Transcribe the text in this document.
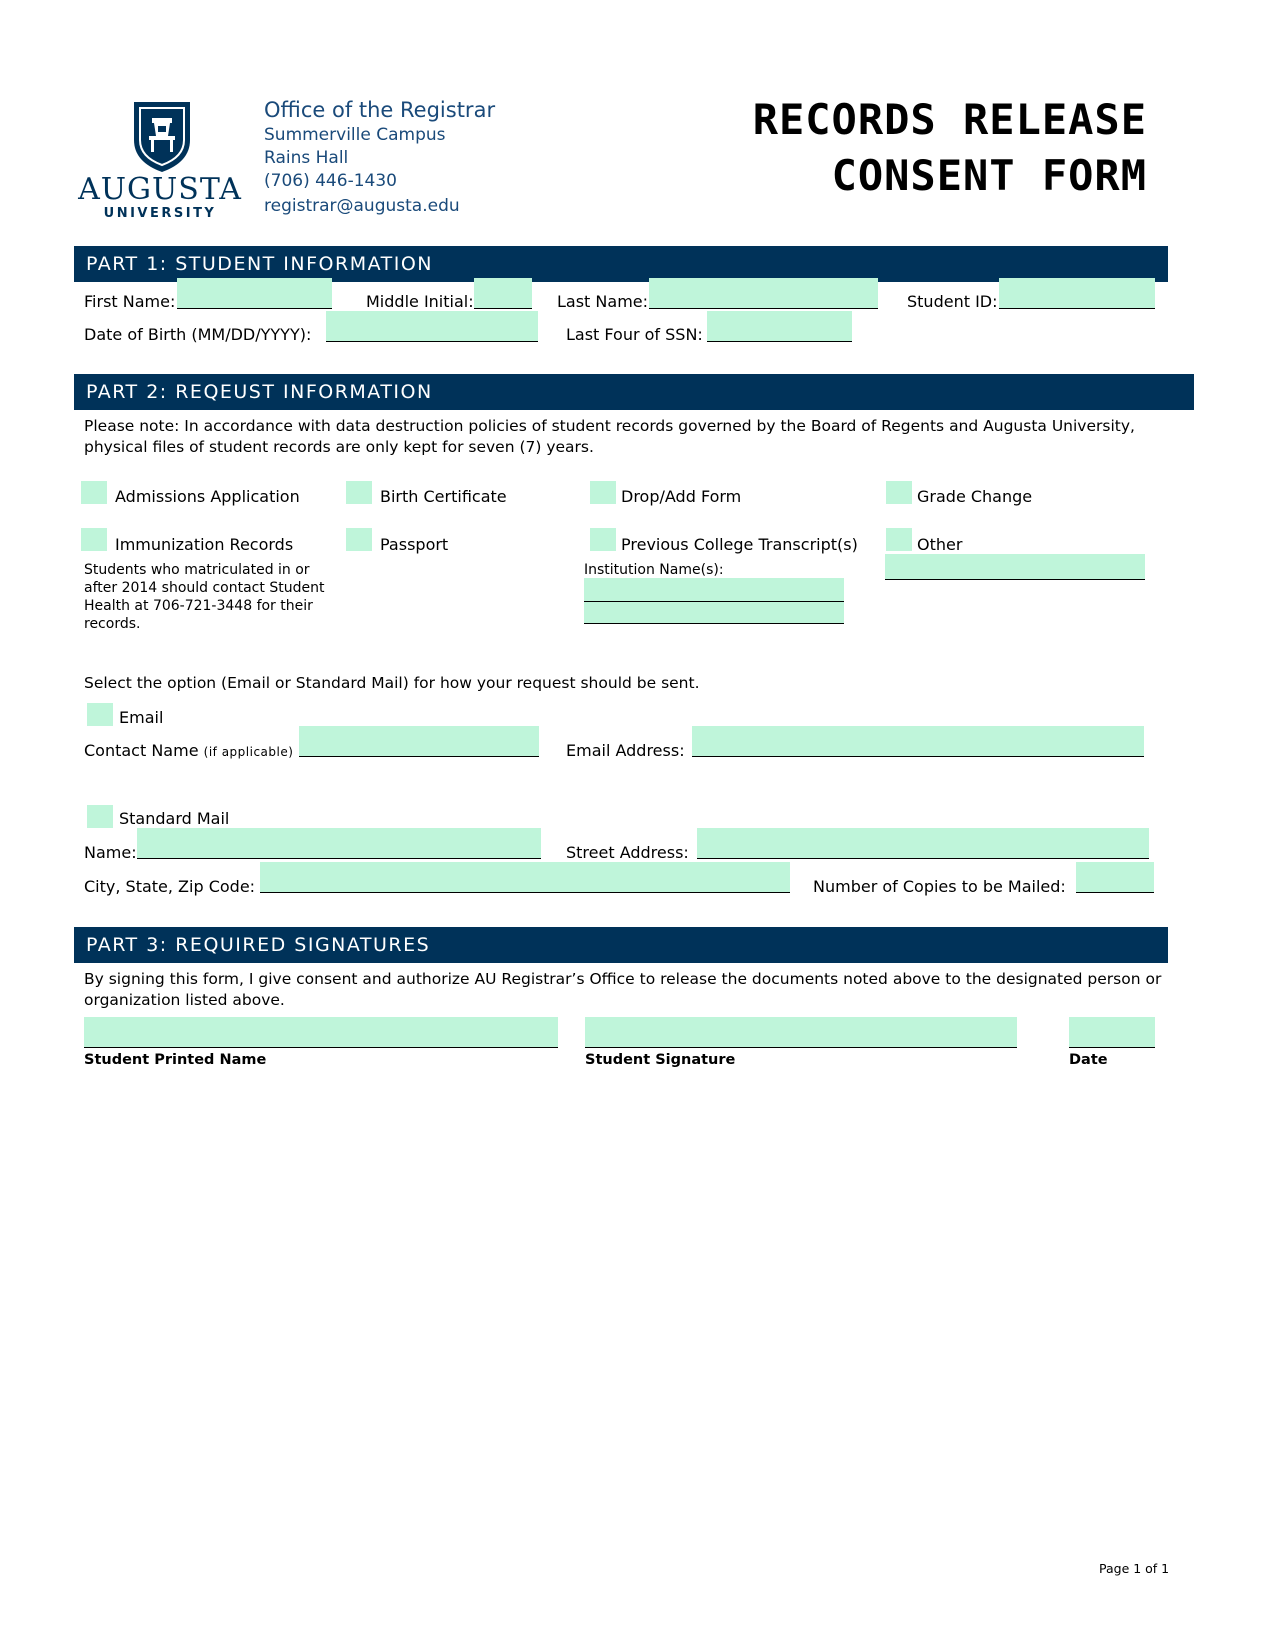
AUGUSTA
UNIVERSITY
Office of the Registrar
Summerville Campus
Rains Hall
(706) 446-1430
registrar@augusta.edu
RECORDS RELEASE
CONSENT FORM
PART 1: STUDENT INFORMATION
First Name:	Middle Initial:	Last Name:	Student ID:
Date of Birth (MM/DD/YYYY):	Last Four of SSN:
PART 2: REQEUST INFORMATION
Please note: In accordance with data destruction policies of student records governed by the Board of Regents and Augusta University, physical files of student records are only kept for seven (7) years.
Admissions Application	Birth Certificate	Drop/Add Form	Grade Change
Immunization Records
Students who matriculated in or after 2014 should contact Student Health at 706-721-3448 for their records.
Passport	Previous College Transcript(s)
Institution Name(s):
Other
Select the option (Email or Standard Mail) for how your request should be sent.
Email
Contact Name (if applicable)	Email Address:
Standard Mail
Name:	Street Address:
City, State, Zip Code:	Number of Copies to be Mailed:
PART 3: REQUIRED SIGNATURES
By signing this form, I give consent and authorize AU Registrar’s Office to release the documents noted above to the designated person or organization listed above.
Student Printed Name	Student Signature	Date
Page 1 of 1
